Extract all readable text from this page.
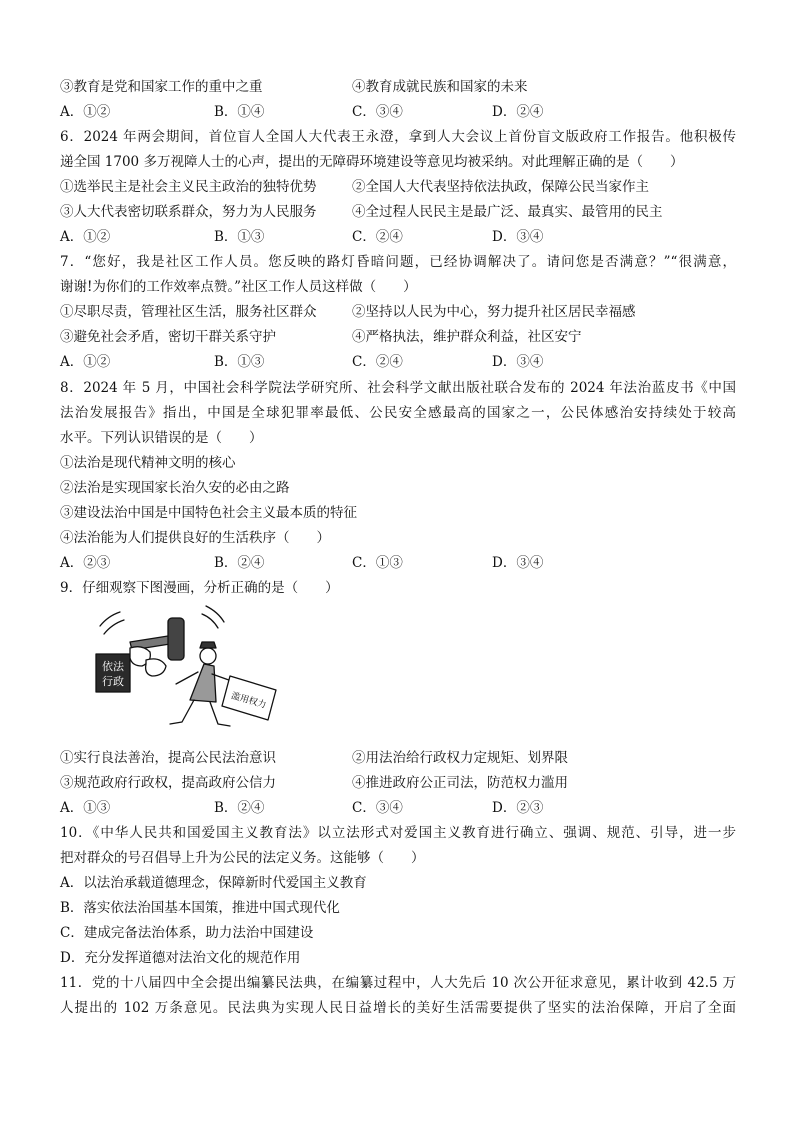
③教育是党和国家工作的重中之重	④教育成就民族和国家的未来
A．①②	B．①④	C．③④	D．②④
6．2024 年两会期间，首位盲人全国人大代表王永澄，拿到人大会议上首份盲文版政府工作报告。他积极传
递全国 1700 多万视障人士的心声，提出的无障碍环境建设等意见均被采纳。对此理解正确的是（　　）
①选举民主是社会主义民主政治的独特优势	②全国人大代表坚持依法执政，保障公民当家作主
③人大代表密切联系群众，努力为人民服务	④全过程人民民主是最广泛、最真实、最管用的民主
A．①②	B．①③	C．②④	D．③④
7．“您好，我是社区工作人员。您反映的路灯昏暗问题，已经协调解决了。请问您是否满意？”“很满意，
谢谢!为你们的工作效率点赞。”社区工作人员这样做（　　）
①尽职尽责，管理社区生活，服务社区群众	②坚持以人民为中心，努力提升社区居民幸福感
③避免社会矛盾，密切干群关系守护	④严格执法，维护群众利益，社区安宁
A．①②	B．①③	C．②④	D．③④
8．2024 年 5 月，中国社会科学院法学研究所、社会科学文献出版社联合发布的 2024 年法治蓝皮书《中国
法治发展报告》指出，中国是全球犯罪率最低、公民安全感最高的国家之一，公民体感治安持续处于较高
水平。下列认识错误的是（　　）
①法治是现代精神文明的核心
②法治是实现国家长治久安的必由之路
③建设法治中国是中国特色社会主义最本质的特征
④法治能为人们提供良好的生活秩序（　　）
A．②③	B．②④	C．①③	D．③④
9．仔细观察下图漫画，分析正确的是（　　）
依法
行政
滥用权力
①实行良法善治，提高公民法治意识	②用法治给行政权力定规矩、划界限
③规范政府行政权，提高政府公信力	④推进政府公正司法，防范权力滥用
A．①③	B．②④	C．③④	D．②③
10．《中华人民共和国爱国主义教育法》以立法形式对爱国主义教育进行确立、强调、规范、引导，进一步
把对群众的号召倡导上升为公民的法定义务。这能够（　　）
A．以法治承载道德理念，保障新时代爱国主义教育
B．落实依法治国基本国策，推进中国式现代化
C．建成完备法治体系，助力法治中国建设
D．充分发挥道德对法治文化的规范作用
11．党的十八届四中全会提出编纂民法典，在编纂过程中，人大先后 10 次公开征求意见，累计收到 42.5 万
人提出的 102 万条意见。民法典为实现人民日益增长的美好生活需要提供了坚实的法治保障，开启了全面
